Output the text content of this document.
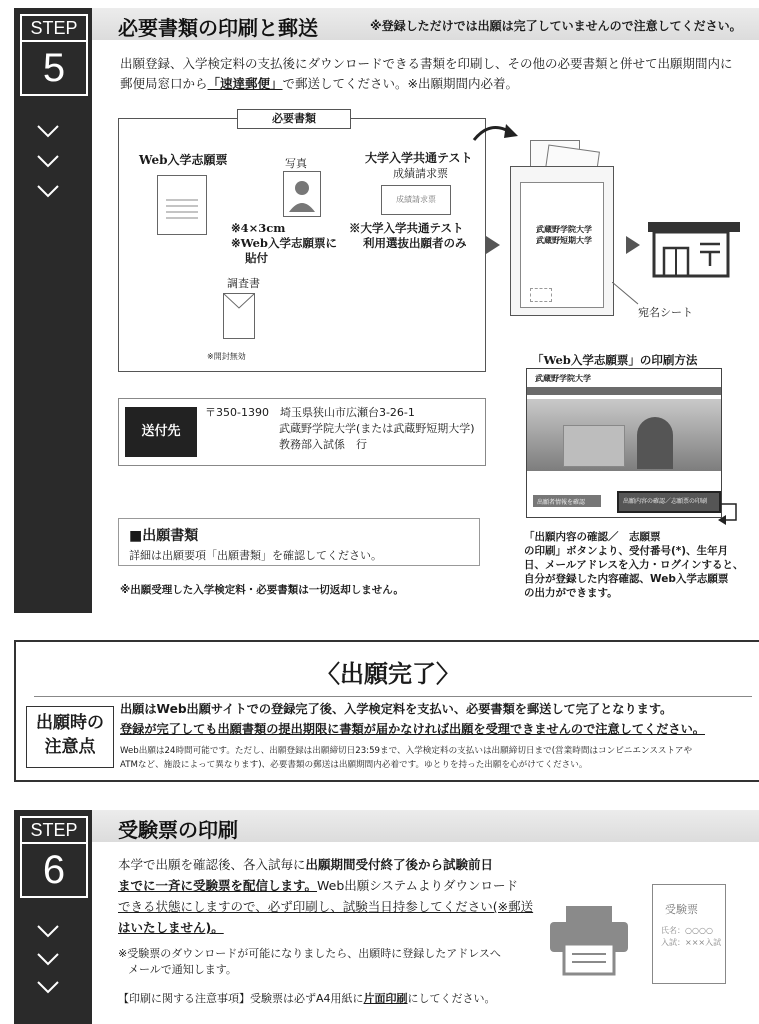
STEP
5
必要書類の印刷と郵送	※登録しただけでは出願は完了していませんので注意してください。
出願登録、入学検定料の支払後にダウンロードできる書類を印刷し、その他の必要書類と併せて出願期間内に
郵便局窓口から「速達郵便」で郵送してください。※出願期間内必着。
必要書類
Web入学志願票	写真	大学入学共通テスト
成績請求票
成績請求票
※4×3cm
※Web入学志願票に
貼付
※大学入学共通テスト
利用選抜出願者のみ
調査書
※開封無効
武蔵野学院大学
武蔵野短期大学
宛名シート
「Web入学志願票」の印刷方法
武蔵野学院大学
出願者情報を確認	出願内容の確認／志願票の印刷
「出願内容の確認／　志願票
の印刷」ボタンより、受付番号(*)、生年月
日、メールアドレスを入力・ログインすると、
自分が登録した内容確認、Web入学志願票
の出力ができます。
送付先
〒350-1390　埼玉県狭山市広瀬台3-26-1
武蔵野学院大学(または武蔵野短期大学)
教務部入試係　行
■出願書類
詳細は出願要項「出願書類」を確認してください。
※出願受理した入学検定料・必要書類は一切返却しません。
〈出願完了〉
出願時の
注意点
出願はWeb出願サイトでの登録完了後、入学検定料を支払い、必要書類を郵送して完了となります。
登録が完了しても出願書類の提出期限に書類が届かなければ出願を受理できませんので注意してください。
Web出願は24時間可能です。ただし、出願登録は出願締切日23:59まで、入学検定料の支払いは出願締切日まで(営業時間はコンビニエンスストアや
ATMなど、施設によって異なります)、必要書類の郵送は出願期間内必着です。ゆとりを持った出願を心がけてください。
STEP
6
受験票の印刷
本学で出願を確認後、各入試毎に出願期間受付終了後から試験前日
までに一斉に受験票を配信します。Web出願システムよりダウンロード
できる状態にしますので、必ず印刷し、試験当日持参してください(※郵送
はいたしません)。
※受験票のダウンロードが可能になりましたら、出願時に登録したアドレスへ
メールで通知します。
【印刷に関する注意事項】受験票は必ずA4用紙に片面印刷にしてください。
受験票
氏名：○○○○
入試：×××入試
